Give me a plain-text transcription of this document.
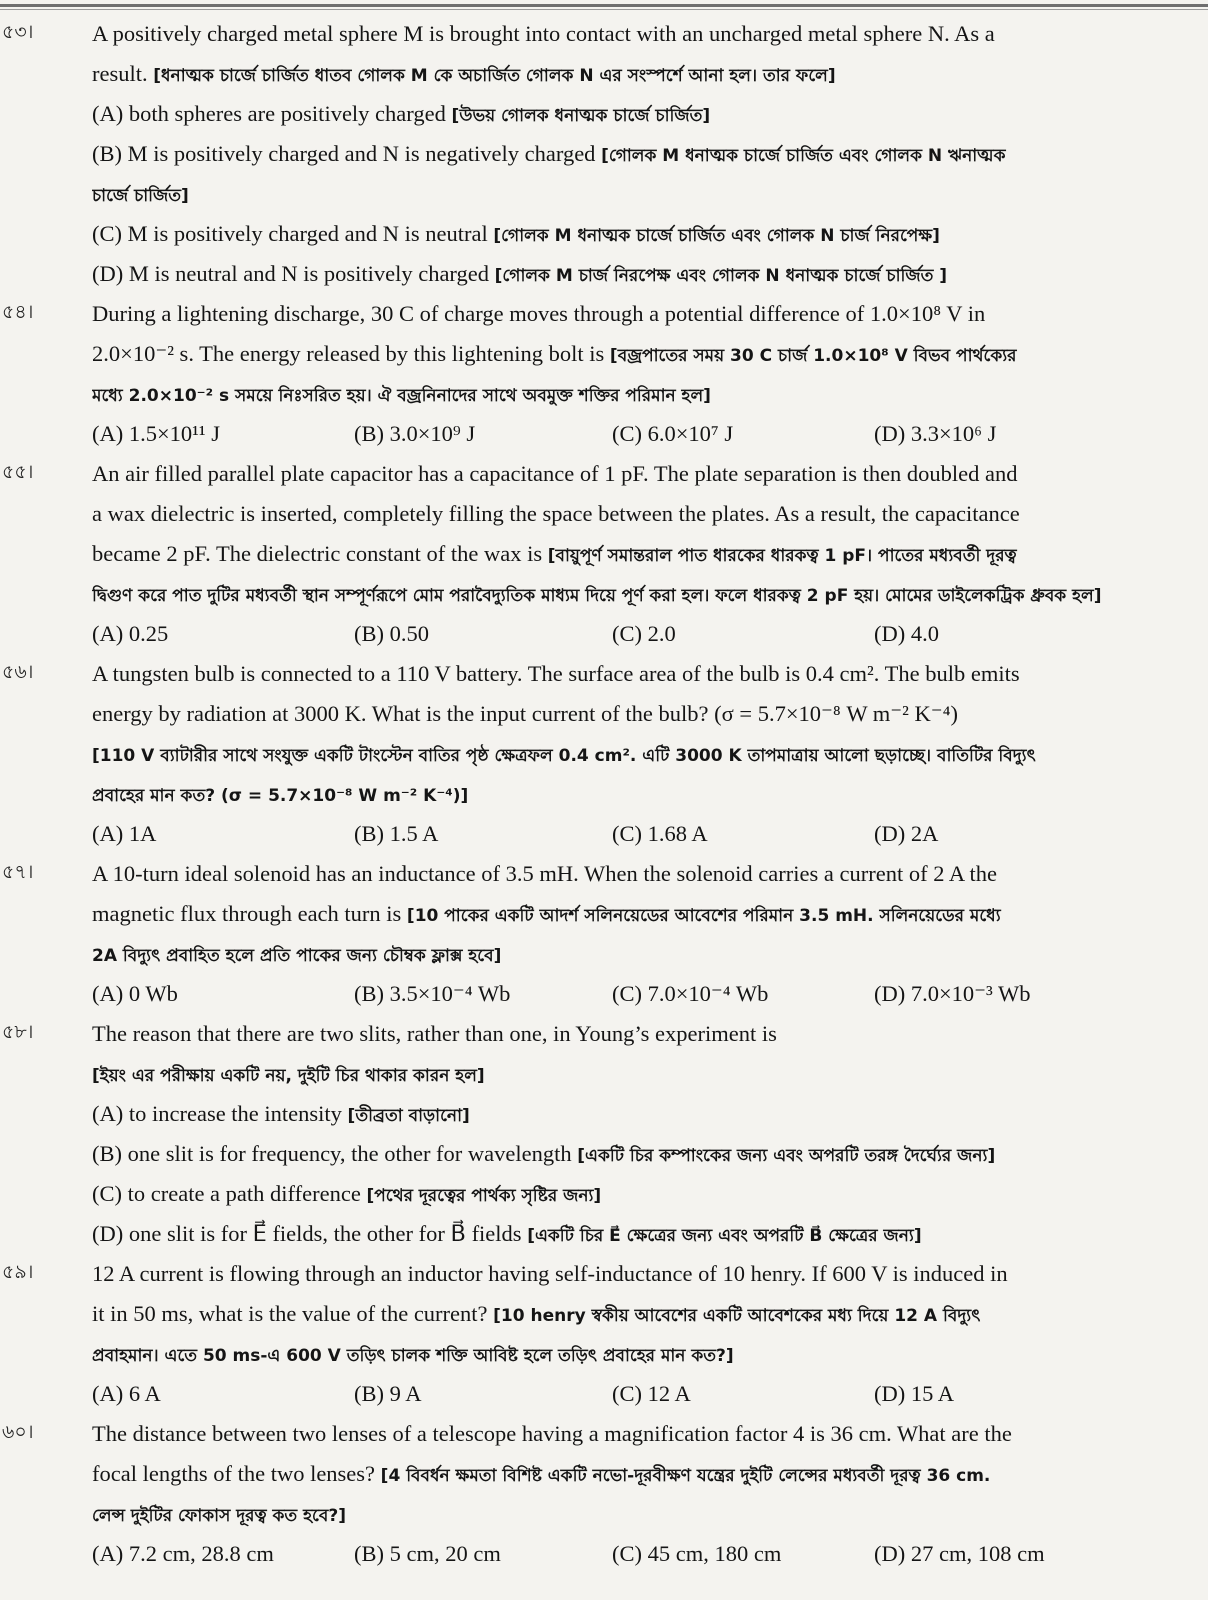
৫৩।	A positively charged metal sphere M is brought into contact with an uncharged metal sphere N. As a
result. [ধনাত্মক চার্জে চার্জিত ধাতব গোলক M কে অচার্জিত গোলক N এর সংস্পর্শে আনা হল। তার ফলে]
(A) both spheres are positively charged [উভয় গোলক ধনাত্মক চার্জে চার্জিত]
(B) M is positively charged and N is negatively charged [গোলক M ধনাত্মক চার্জে চার্জিত এবং গোলক N ঋনাত্মক
চার্জে চার্জিত]
(C) M is positively charged and N is neutral [গোলক M ধনাত্মক চার্জে চার্জিত এবং গোলক N চার্জ নিরপেক্ষ]
(D) M is neutral and N is positively charged [গোলক M চার্জ নিরপেক্ষ এবং গোলক N ধনাত্মক চার্জে চার্জিত ]
৫৪।	During a lightening discharge, 30 C of charge moves through a potential difference of 1.0×10⁸ V in
2.0×10⁻² s. The energy released by this lightening bolt is [বজ্রপাতের সময় 30 C চার্জ 1.0×10⁸ V বিভব পার্থক্যের
মধ্যে 2.0×10⁻² s সময়ে নিঃসরিত হয়। ঐ বজ্রনিনাদের সাথে অবমুক্ত শক্তির পরিমান হল]
(A) 1.5×10¹¹ J	(B) 3.0×10⁹ J	(C) 6.0×10⁷ J	(D) 3.3×10⁶ J
৫৫।	An air filled parallel plate capacitor has a capacitance of 1 pF. The plate separation is then doubled and
a wax dielectric is inserted, completely filling the space between the plates. As a result, the capacitance
became 2 pF. The dielectric constant of the wax is [বায়ুপূর্ণ সমান্তরাল পাত ধারকের ধারকত্ব 1 pF। পাতের মধ্যবর্তী দূরত্ব
দ্বিগুণ করে পাত দুটির মধ্যবর্তী স্থান সম্পূর্ণরূপে মোম পরাবৈদ্যুতিক মাধ্যম দিয়ে পূর্ণ করা হল। ফলে ধারকত্ব 2 pF হয়। মোমের ডাইলেকট্রিক ধ্রুবক হল]
(A) 0.25	(B) 0.50	(C) 2.0	(D) 4.0
৫৬।	A tungsten bulb is connected to a 110 V battery. The surface area of the bulb is 0.4 cm². The bulb emits
energy by radiation at 3000 K. What is the input current of the bulb? (σ = 5.7×10⁻⁸ W m⁻² K⁻⁴)
[110 V ব্যাটারীর সাথে সংযুক্ত একটি টাংস্টেন বাতির পৃষ্ঠ ক্ষেত্রফল 0.4 cm². এটি 3000 K তাপমাত্রায় আলো ছড়াচ্ছে। বাতিটির বিদ্যুৎ
প্রবাহের মান কত? (σ = 5.7×10⁻⁸ W m⁻² K⁻⁴)]
(A) 1A	(B) 1.5 A	(C) 1.68 A	(D) 2A
৫৭।	A 10-turn ideal solenoid has an inductance of 3.5 mH. When the solenoid carries a current of 2 A the
magnetic flux through each turn is [10 পাকের একটি আদর্শ সলিনয়েডের আবেশের পরিমান 3.5 mH. সলিনয়েডের মধ্যে
2A বিদ্যুৎ প্রবাহিত হলে প্রতি পাকের জন্য চৌম্বক ফ্লাক্স হবে]
(A) 0 Wb	(B) 3.5×10⁻⁴ Wb	(C) 7.0×10⁻⁴ Wb	(D) 7.0×10⁻³ Wb
৫৮।	The reason that there are two slits, rather than one, in Young’s experiment is
[ইয়ং এর পরীক্ষায় একটি নয়, দুইটি চির থাকার কারন হল]
(A) to increase the intensity [তীব্রতা বাড়ানো]
(B) one slit is for frequency, the other for wavelength [একটি চির কম্পাংকের জন্য এবং অপরটি তরঙ্গ দৈর্ঘ্যের জন্য]
(C) to create a path difference [পথের দূরত্বের পার্থক্য সৃষ্টির জন্য]
(D) one slit is for E⃗ fields, the other for B⃗ fields [একটি চির E⃗ ক্ষেত্রের জন্য এবং অপরটি B⃗ ক্ষেত্রের জন্য]
৫৯।	12 A current is flowing through an inductor having self-inductance of 10 henry. If 600 V is induced in
it in 50 ms, what is the value of the current? [10 henry স্বকীয় আবেশের একটি আবেশকের মধ্য দিয়ে 12 A বিদ্যুৎ
প্রবাহমান। এতে 50 ms-এ 600 V তড়িৎ চালক শক্তি আবিষ্ট হলে তড়িৎ প্রবাহের মান কত?]
(A) 6 A	(B) 9 A	(C) 12 A	(D) 15 A
৬০।	The distance between two lenses of a telescope having a magnification factor 4 is 36 cm. What are the
focal lengths of the two lenses? [4 বিবর্ধন ক্ষমতা বিশিষ্ট একটি নভো-দূরবীক্ষণ যন্ত্রের দুইটি লেন্সের মধ্যবর্তী দূরত্ব 36 cm.
লেন্স দুইটির ফোকাস দূরত্ব কত হবে?]
(A) 7.2 cm, 28.8 cm	(B) 5 cm, 20 cm	(C) 45 cm, 180 cm	(D) 27 cm, 108 cm
